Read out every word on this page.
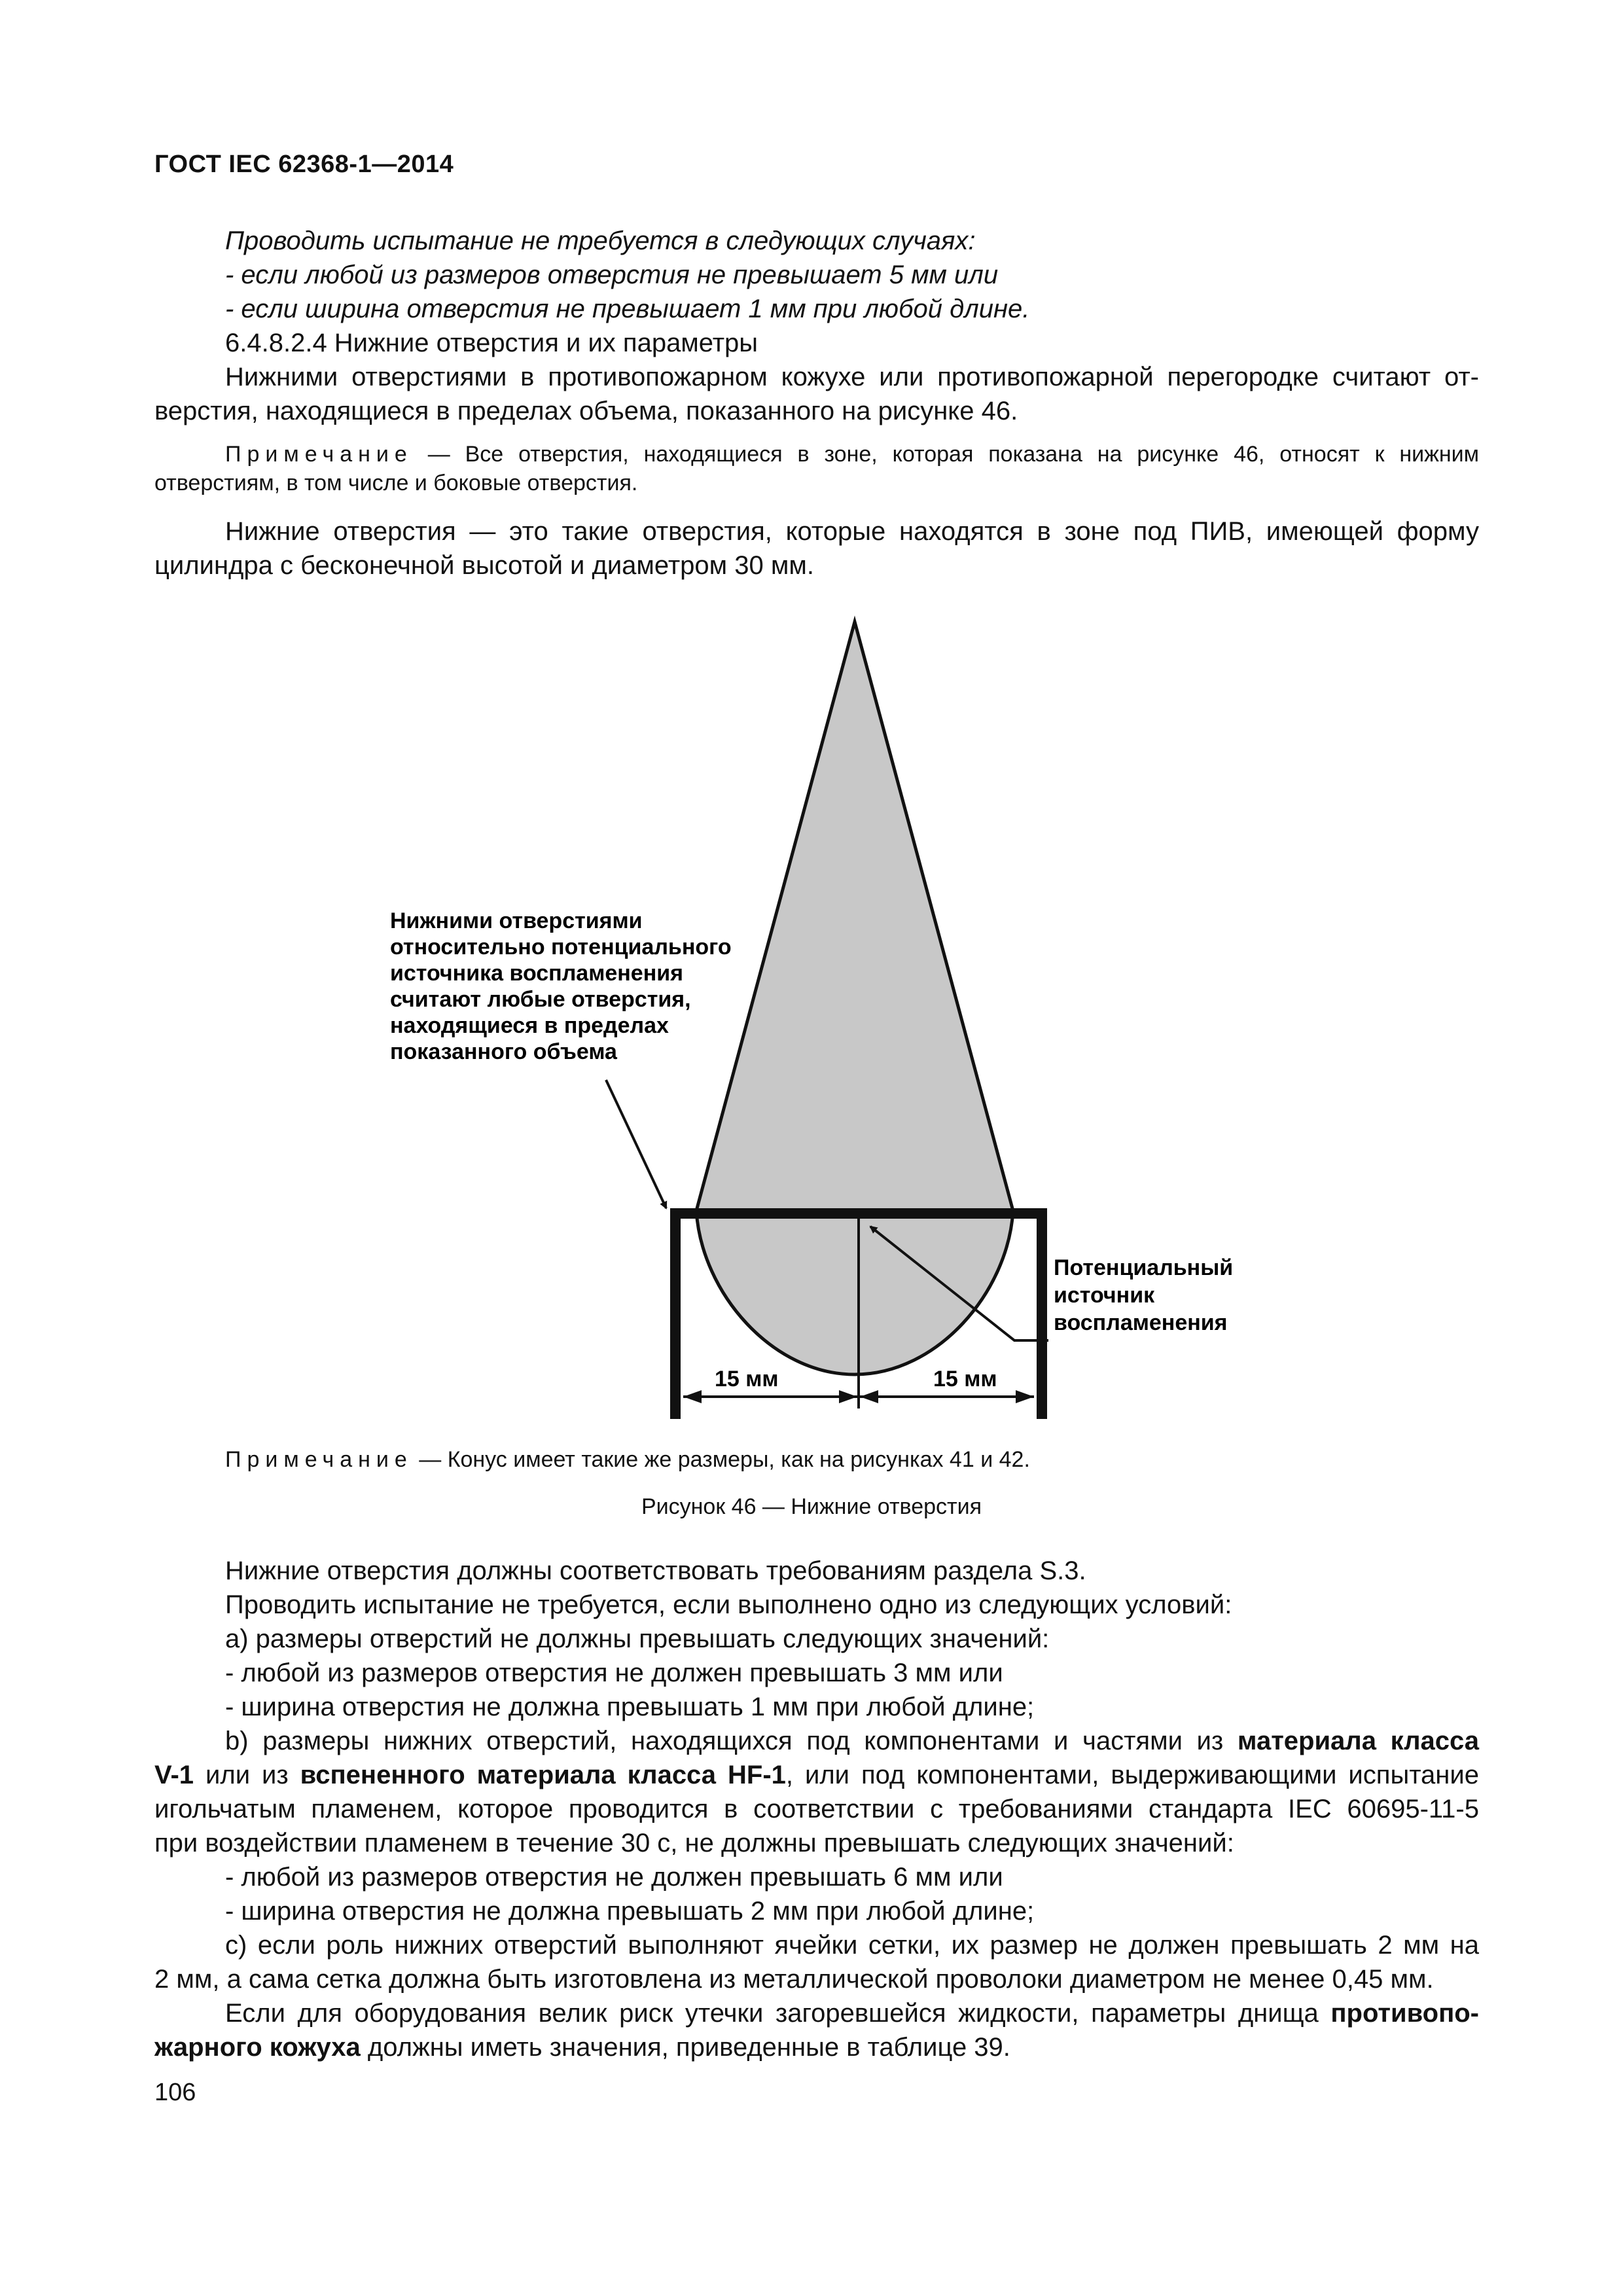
ГОСТ IEC 62368-1—2014

Проводить испытание не требуется в следующих случаях:

- если любой из размеров отверстия не превышает 5 мм или

- если ширина отверстия не превышает 1 мм при любой длине.

6.4.8.2.4 Нижние отверстия и их параметры

Нижними отверстиями в противопожарном кожухе или противопожарной перегородке считают от-

верстия, находящиеся в пределах объема, показанного на рисунке 46.

Примечание — Все отверстия, находящиеся в зоне, которая показана на рисунке 46, относят к нижним

отверстиям, в том числе и боковые отверстия.

Нижние отверстия — это такие отверстия, которые находятся в зоне под ПИВ, имеющей форму

цилиндра с бесконечной высотой и диаметром 30 мм.

Нижними отверстиями
относительно потенциального
источника воспламенения
считают любые отверстия,
находящиеся в пределах
показанного объема
Потенциальный
источник
воспламенения
15 мм	15 мм

Примечание — Конус имеет такие же размеры, как на рисунках 41 и 42.

Рисунок 46 — Нижние отверстия

Нижние отверстия должны соответствовать требованиям раздела S.3.

Проводить испытание не требуется, если выполнено одно из следующих условий:

а) размеры отверстий не должны превышать следующих значений:

- любой из размеров отверстия не должен превышать 3 мм или

- ширина отверстия не должна превышать 1 мм при любой длине;

b) размеры нижних отверстий, находящихся под компонентами и частями из материала класса

V-1 или из вспененного материала класса HF-1, или под компонентами, выдерживающими испытание

игольчатым пламенем, которое проводится в соответствии с требованиями стандарта IEC 60695-11-5

при воздействии пламенем в течение 30 с, не должны превышать следующих значений:

- любой из размеров отверстия не должен превышать 6 мм или

- ширина отверстия не должна превышать 2 мм при любой длине;

с) если роль нижних отверстий выполняют ячейки сетки, их размер не должен превышать 2 мм на

2 мм, а сама сетка должна быть изготовлена из металлической проволоки диаметром не менее 0,45 мм.

Если для оборудования велик риск утечки загоревшейся жидкости, параметры днища противопо-

жарного кожуха должны иметь значения, приведенные в таблице 39.

106
